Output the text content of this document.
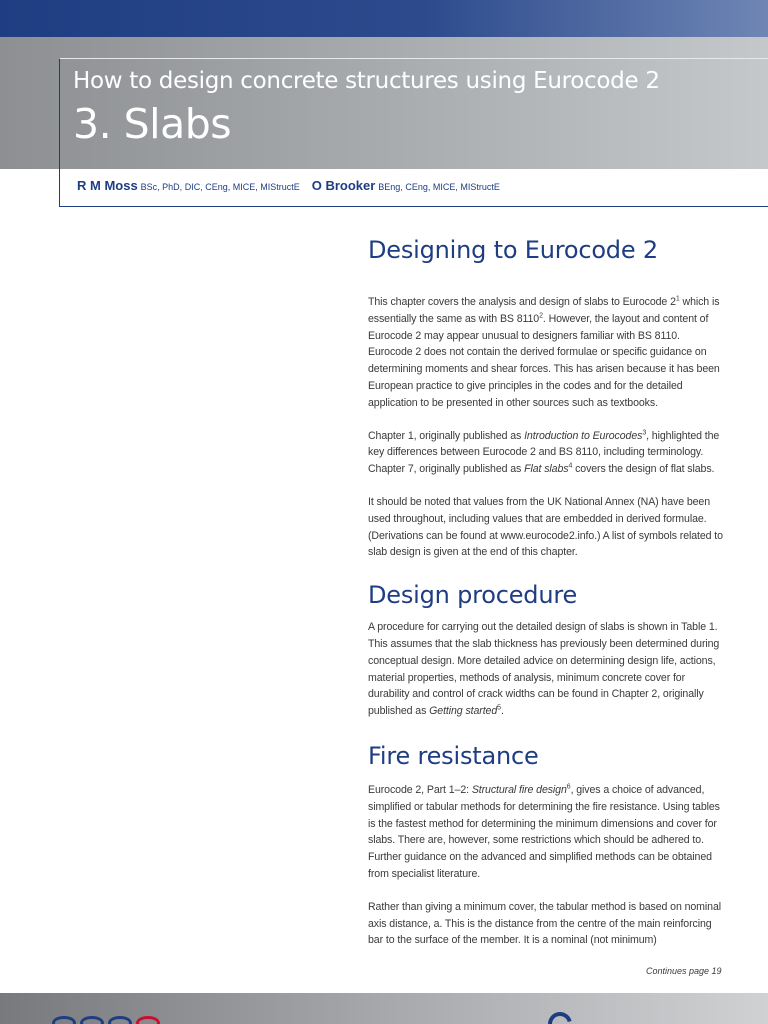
How to design concrete structures using Eurocode 2
3. Slabs
R M Moss BSc, PhD, DIC, CEng, MICE, MIStructE O Brooker BEng, CEng, MICE, MIStructE
Designing to Eurocode 2

This chapter covers the analysis and design of slabs to Eurocode $2^1$ which is essentially the same as with BS 8110$^2$. However, the layout and content of Eurocode 2 may appear unusual to designers familiar with BS 8110. Eurocode 2 does not contain the derived formulae or specific guidance on determining moments and shear forces. This has arisen because it has been European practice to give principles in the codes and for the detailed application to be presented in other sources such as textbooks.

Chapter 1, originally published as Introduction to Eurocodes$^3$, highlighted the key differences between Eurocode 2 and BS 8110, including terminology. Chapter 7, originally published as Flat slabs$^4$ covers the design of flat slabs.

It should be noted that values from the UK National Annex (NA) have been used throughout, including values that are embedded in derived formulae. (Derivations can be found at www.eurocode2.info.) A list of symbols related to slab design is given at the end of this chapter.

Design procedure

A procedure for carrying out the detailed design of slabs is shown in Table 1. This assumes that the slab thickness has previously been determined during conceptual design. More detailed advice on determining design life, actions, material properties, methods of analysis, minimum concrete cover for durability and control of crack widths can be found in Chapter 2, originally published as Getting started$^5$.

Fire resistance

Eurocode 2, Part 1–2: Structural fire design$^6$, gives a choice of advanced, simplified or tabular methods for determining the fire resistance. Using tables is the fastest method for determining the minimum dimensions and cover for slabs. There are, however, some restrictions which should be adhered to. Further guidance on the advanced and simplified methods can be obtained from specialist literature.

Rather than giving a minimum cover, the tabular method is based on nominal axis distance, a. This is the distance from the centre of the main reinforcing bar to the surface of the member. It is a nominal (not minimum)

Continues page 19
